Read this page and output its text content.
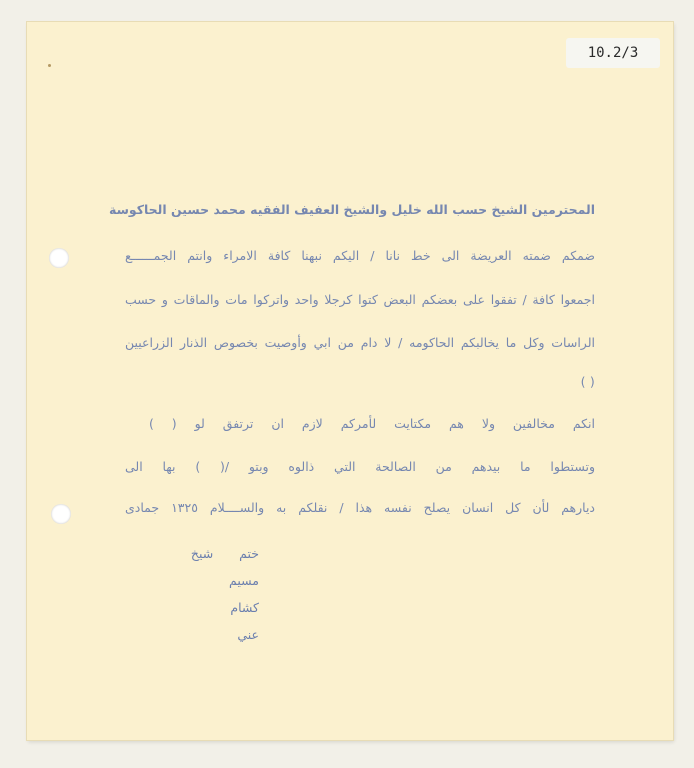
10.2/3
المحترمين الشيخ حسب الله خليل والشيخ العفيف الفقيه محمد حسين الحاكوسة
ضمكم ضمته العريضة الى خط نانا / اليكم نبهنا كافة الامراء وانتم الجمــــــع
اجمعوا كافة / تفقوا على بعضكم البعض كتوا كرجلا واحد واتركوا مات والماقات و حسب
الراسات وكل ما يخالبكم الحاكومه / لا دام من ابي وأوصيت بخصوص الذنار الزراعيين
( )
انكم مخالفين ولا هم مكتايت لأمركم لازم ان ترتفق لو ( )
وتستطوا ما بيدهم من الصالحة التي ذالوه وبتو /( ) بها الى
ديارهم لأن كل انسان يصلح نفسه هذا / نقلكم به والســــلام ١٣٢٥ جمادى
ختم شيخ
مسيم
كشام
عني
